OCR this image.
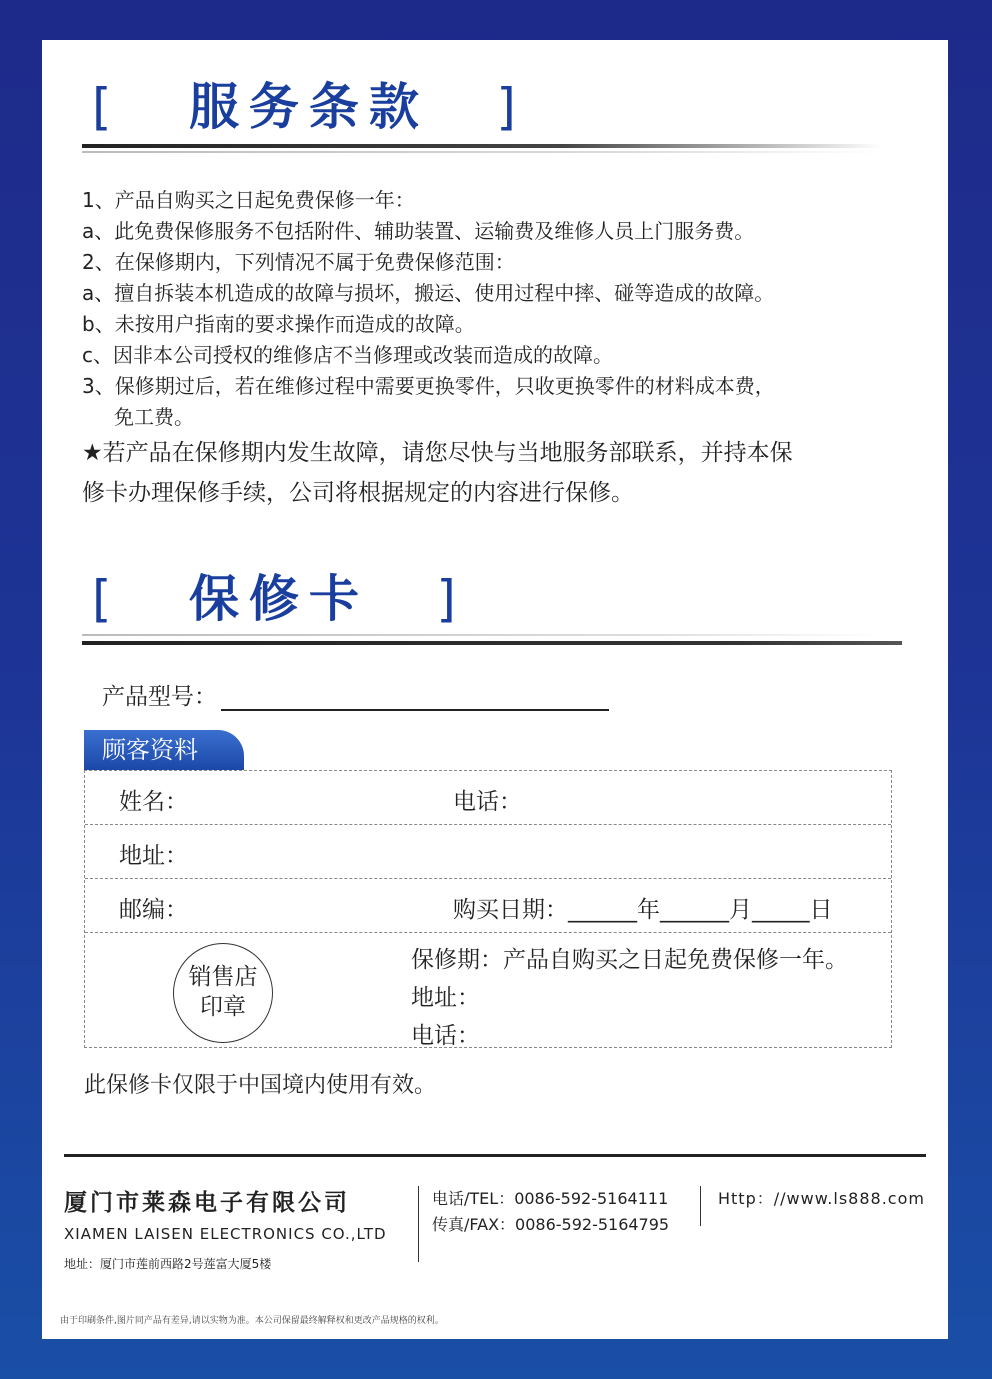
[ 服务条款 ]
1、产品自购买之日起免费保修一年：
a、此免费保修服务不包括附件、辅助装置、运输费及维修人员上门服务费。
2、在保修期内，下列情况不属于免费保修范围：
a、擅自拆装本机造成的故障与损坏，搬运、使用过程中摔、碰等造成的故障。
b、未按用户指南的要求操作而造成的故障。
c、因非本公司授权的维修店不当修理或改装而造成的故障。
3、保修期过后，若在维修过程中需要更换零件，只收更换零件的材料成本费，
免工费。
★若产品在保修期内发生故障，请您尽快与当地服务部联系，并持本保
修卡办理保修手续，公司将根据规定的内容进行保修。
[ 保修卡 ]
产品型号：
顾客资料
姓名：	电话：
地址：
邮编：	购买日期：______年______月_____日
销售店
印章
保修期：产品自购买之日起免费保修一年。
地址：
电话：
此保修卡仅限于中国境内使用有效。
厦门市莱森电子有限公司
XIAMEN LAISEN ELECTRONICS CO.,LTD
地址：厦门市莲前西路2号莲富大厦5楼
电话/TEL：0086-592-5164111
传真/FAX：0086-592-5164795
Http：//www.ls888.com
由于印刷条件,图片同产品有差异,请以实物为准。本公司保留最终解释权和更改产品规格的权利。
